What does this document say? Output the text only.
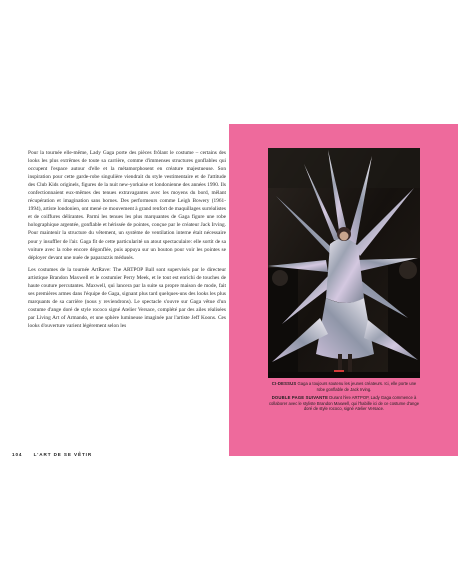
Pour la tournée elle-même, Lady Gaga porte des pièces frôlant le costume – certains des looks les plus extrêmes de toute sa carrière, comme d'immenses structures gonflables qui occupent l'espace autour d'elle et la métamorphosent en créature majestueuse. Son inspiration pour cette garde-robe singulière viendrait du style vestimentaire et de l'attitude des Club Kids originels, figures de la nuit new-yorkaise et londonienne des années 1990. Ils confectionnaient eux-mêmes des tenues extravagantes avec les moyens du bord, mêlant récupération et imagination sans bornes. Des performeurs comme Leigh Bowery (1961-1994), artiste londonien, ont mené ce mouvement à grand renfort de maquillages surréalistes et de coiffures délirantes. Parmi les tenues les plus marquantes de Gaga figure une robe holographique argentée, gonflable et hérissée de pointes, conçue par le créateur Jack Irving. Pour maintenir la structure du vêtement, un système de ventilation interne était nécessaire pour y insuffler de l'air. Gaga fit de cette particularité un atout spectaculaire: elle sortit de sa voiture avec la robe encore dégonflée, puis appuya sur un bouton pour voir les pointes se déployer devant une nuée de paparazzis médusés.

Les costumes de la tournée ArtRave: The ARTPOP Ball sont supervisés par le directeur artistique Brandon Maxwell et le costumier Perry Meek, et le tout est enrichi de touches de haute couture percutantes. Maxwell, qui lancera par la suite sa propre maison de mode, fait ses premières armes dans l'équipe de Gaga, signant plus tard quelques-uns des looks les plus marquants de sa carrière (nous y reviendrons). Le spectacle s'ouvre sur Gaga vêtue d'un costume d'ange doré de style rococo signé Atelier Versace, complété par des ailes réalisées par Living Art of Armando, et une sphère lumineuse imaginée par l'artiste Jeff Koons. Ces looks d'ouverture varient légèrement selon les

104 L'ART DE SE VÊTIR

CI-DESSUS Gaga a toujours soutenu les jeunes créateurs. Ici, elle porte une robe gonflable de Jack Irving.

DOUBLE PAGE SUIVANTE Durant l'ère ARTPOP, Lady Gaga commence à collaborer avec le styliste Brandon Maxwell, qui l'habille ici de ce costume d'ange doré de style rococo, signé Atelier Versace.
